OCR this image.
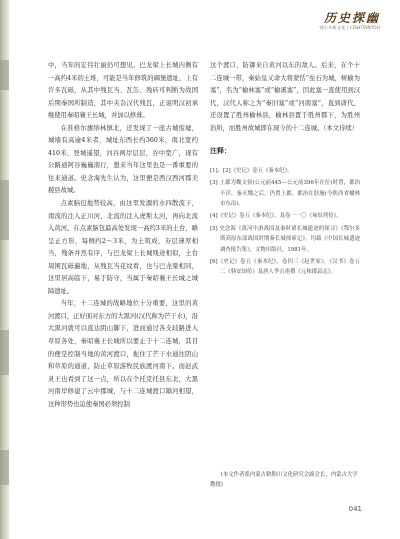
历史探幽
鄂尔多斯文化 / LISHITANYOU

中，当年的宏伟壮丽仍可想见。巴龙梁上长城内侧有一高约4米的土堆，可能是当年修筑的碉堡遗址，上有许多瓦砾，从其中残瓦当、瓦缶、残砖可判断为战国后期秦国所制造，其中夹杂汉代残瓦，正说明汉初承继使用秦昭襄王长城，并加以修葺。

在准格尔旗纳林镇北，还发现了一座古城废墟，城墙有高逾4米者，城址东西长约360米，南北宽约410米，登城遥望，河谷两岸层层，谷中宽广，现有公路通阿谷巍巍南行，想来当年这里也是一番重要的往来通道。史念海先生认为，这里便是西汉西河郡美稷县故城。

点素脑包地势较高，由这里发源的水四散流下，南流的注入正川河，北流的注入虎斯太河，再向北流入黄河。在点素脑包最高处发现一高约3米的土台，略呈正方形，每侧约2～3米，为土筑成，夯层薄厚相当，残条并然有序，与巴龙梁上长城残迹相似，土台周围瓦砾遍地，从残瓦当花纹看，也与巴龙梁相同，这里居高临下，易于防守，当属于秦昭襄王长城之城障遗址。

当年，十二连城的战略地位十分重要，这里的黄河渡口，正好面对东方的大黑河(汉代称为芒干水)，沿大黑河就可以直达阴山脚下，进而通过各支歧路进入草原各处，秦昭襄王长城所以要止于十二连城，其目的便是控制当地的黄河渡口，扼住了芒干水通往阴山和草原的通道，防止草原游牧民族渡河南下。而赵武灵王也看到了这一点，所以在个托克托县东北，大黑河南岸修建了云中郡城，与十二连城渡口隔河相望，这种形势也迫使秦国必须控制

这个渡口，防御来自黄河以东的敌人。后来，在个十二连城一带，秦始皇又命大将蒙恬“垒石为城，树榆为塞”，名为“榆林塞”或“榆溪塞”，因此塞一直使用到汉代，汉代人称之为“秦旧塞”或“河南塞”，直到唐代，还设置了胜州榆林县，榆林县置于胜州郡下，为胜州治所，而胜州故城即在现今的十二连城。（本文待续）

注释：
[1]、[2]《史记》卷五《秦本纪》。
[3] 土郡为魏文侯(公元前445—公元前396年在位)时置，郡治不详，秦灭魏之后，仍置上郡，郡治在肤施(今陕西省榆林市东南)。
[4]《史记》卷五《秦本纪》，及卷一一〇《匈奴列传》。
[5] 史念海《黄河中游战国及秦时诸长城遗迹的探寻》《鄂尔多斯高原东部战国时期秦长城探索记》，均载《中国长城遗迹调查报告集》，文物出版社，1981年。
[6]《史记》卷五《秦本纪》，卷四三《赵世家》，《汉书》卷五二《韩安国传》及唐人李吉甫撰《元和郡县志》。
(本文作者系内蒙古敕勒川文化研究会副会长，内蒙古大学教授)
041
